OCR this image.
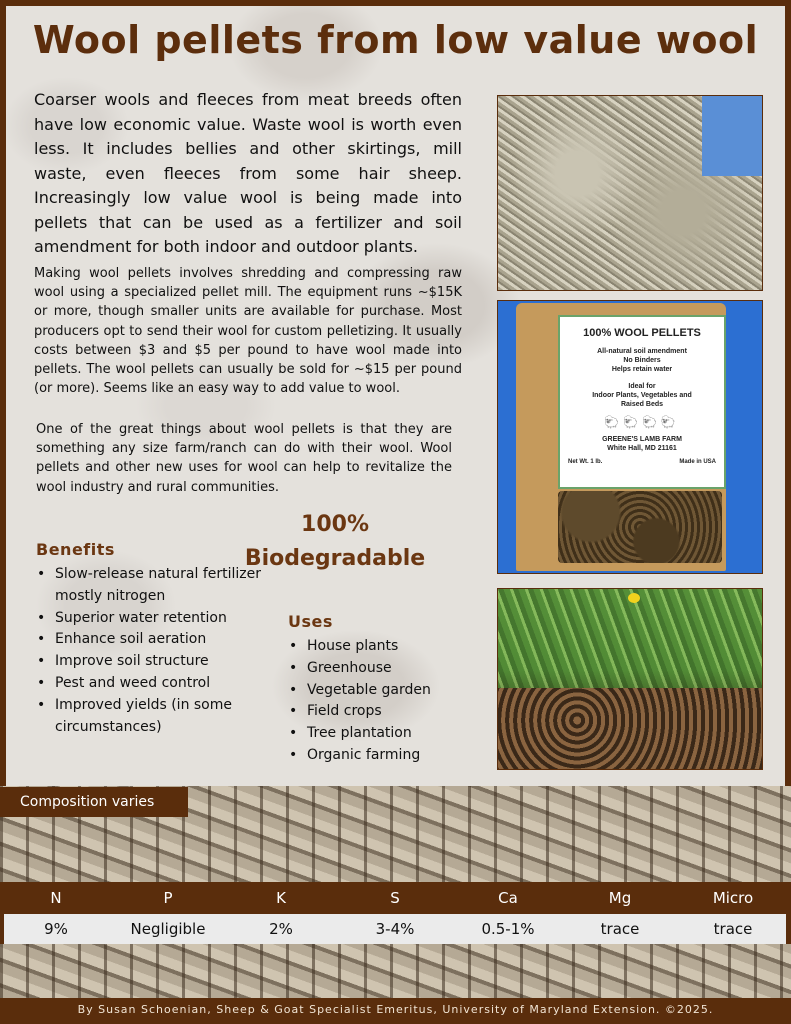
Wool pellets from low value wool
Coarser wools and fleeces from meat breeds often have low economic value. Waste wool is worth even less. It includes bellies and other skirtings, mill waste, even fleeces from some hair sheep. Increasingly low value wool is being made into pellets that can be used as a fertilizer and soil amendment for both indoor and outdoor plants.
Making wool pellets involves shredding and compressing raw wool using a specialized pellet mill. The equipment runs ~$15K or more, though smaller units are available for purchase. Most producers opt to send their wool for custom pelletizing. It usually costs between $3 and $5 per pound to have wool made into pellets. The wool pellets can usually be sold for ~$15 per pound (or more). Seems like an easy way to add value to wool.
One of the great things about wool pellets is that they are something any size farm/ranch can do with their wool. Wool pellets and other new uses for wool can help to revitalize the wool industry and rural communities.
100%
Biodegradable
Benefits
• Slow-release natural fertilizer mostly nitrogen
• Superior water retention
• Enhance soil aeration
• Improve soil structure
• Pest and weed control
• Improved yields (in some circumstances)
Uses
• House plants
• Greenhouse
• Vegetable garden
• Field crops
• Tree plantation
• Organic farming
100% WOOL PELLETS
All-natural soil amendment
No Binders
Helps retain water
Ideal for
Indoor Plants, Vegetables and
Raised Beds
🐑🐑🐑🐑
GREENE'S LAMB FARM
White Hall, MD 21161
Net Wt. 1 lb.	Made in USA
Composition varies
N	P	K	S	Ca	Mg	Micro
9%	Negligible	2%	3-4%	0.5-1%	trace	trace
By Susan Schoenian, Sheep & Goat Specialist Emeritus, University of Maryland Extension. ©2025.
